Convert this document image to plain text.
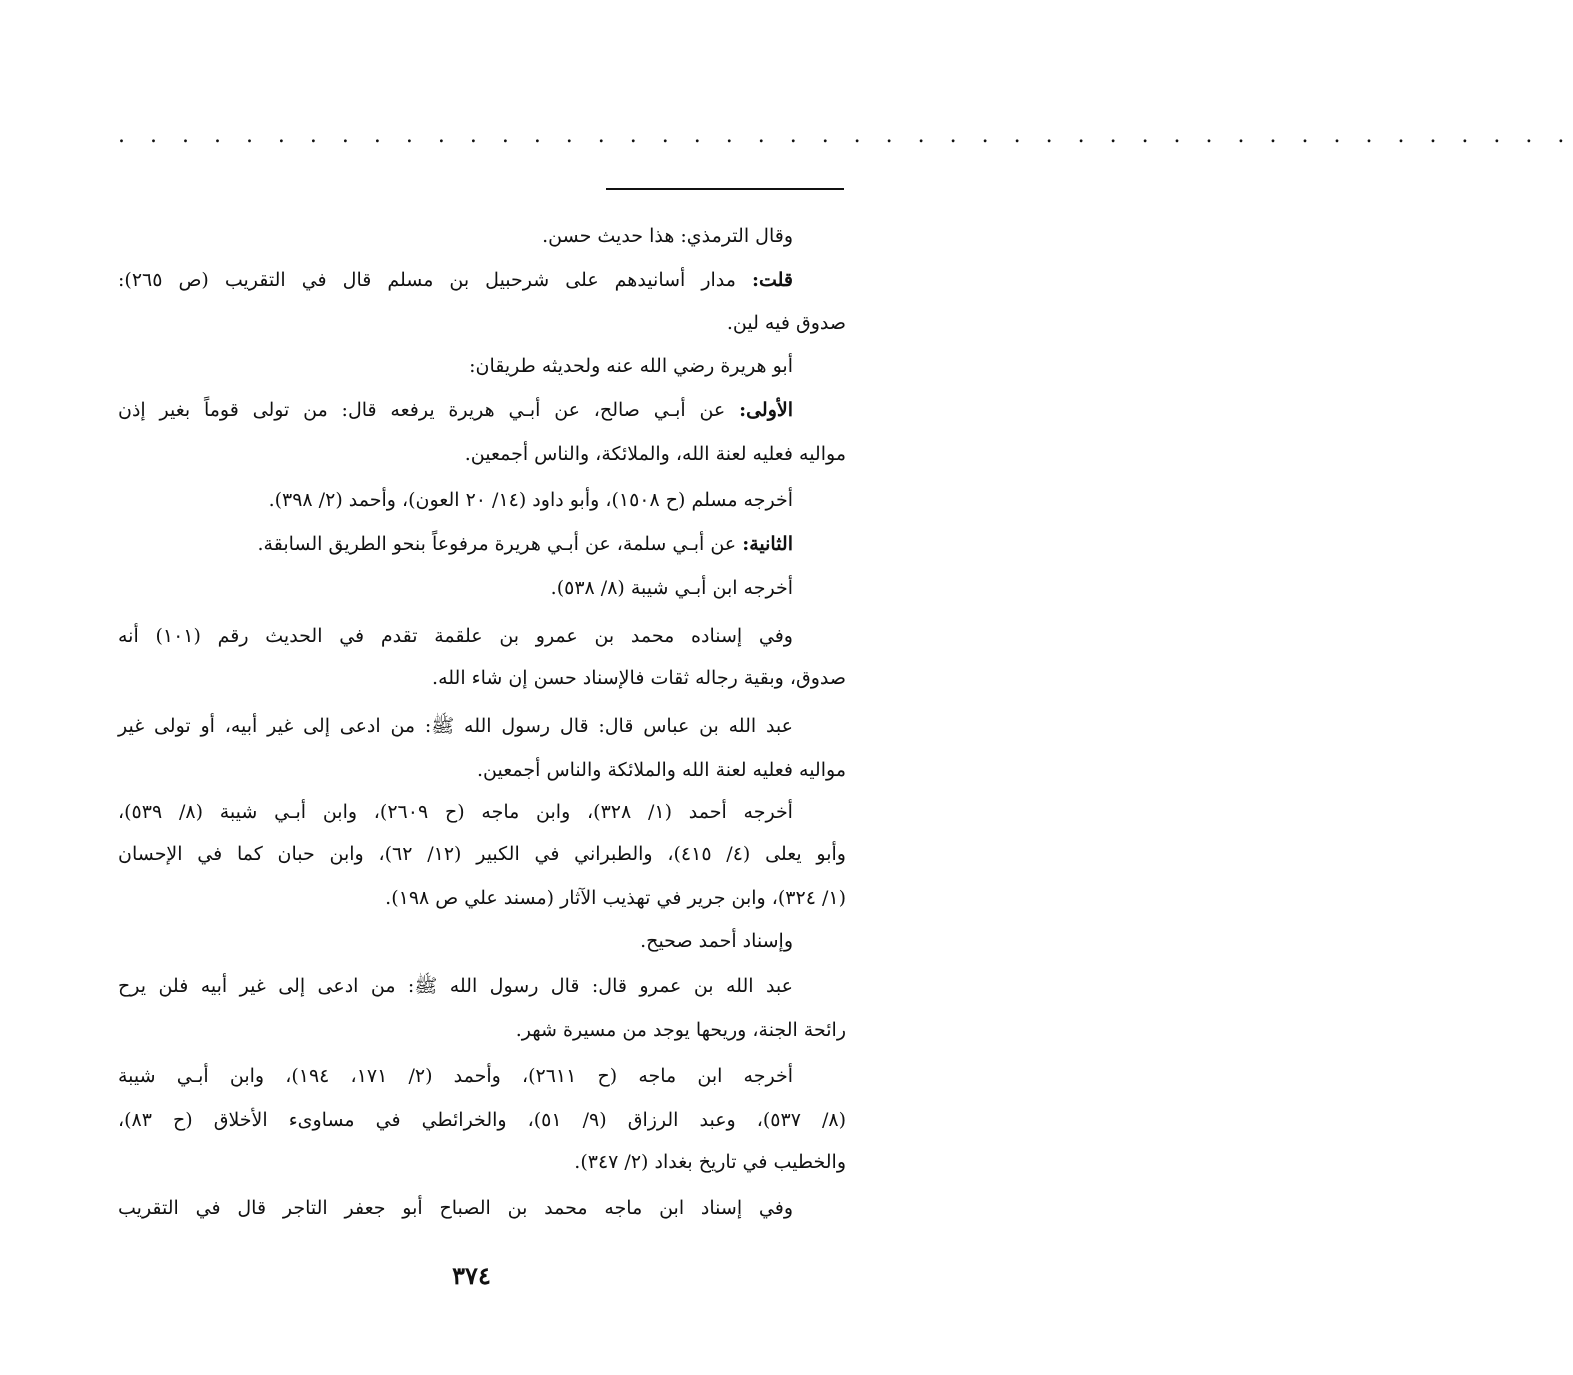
. . . . . . . . . . . . . . . . . . . . . . . . . . . . . . . . . . . . . . . . . . . . . .
وقال الترمذي: هذا حديث حسن.
قلت: مدار أسانيدهم على شرحبيل بن مسلم قال في التقريب (ص ٢٦٥):
صدوق فيه لين.
أبو هريرة رضي الله عنه ولحديثه طريقان:
الأولى: عن أبـي صالح، عن أبـي هريرة يرفعه قال: من تولى قوماً بغير إذن
مواليه فعليه لعنة الله، والملائكة، والناس أجمعين.
أخرجه مسلم (ح ١٥٠٨)، وأبو داود (١٤/ ٢٠ العون)، وأحمد (٢/ ٣٩٨).
الثانية: عن أبـي سلمة، عن أبـي هريرة مرفوعاً بنحو الطريق السابقة.
أخرجه ابن أبـي شيبة (٨/ ٥٣٨).
وفي إسناده محمد بن عمرو بن علقمة تقدم في الحديث رقم (١٠١) أنه
صدوق، وبقية رجاله ثقات فالإسناد حسن إن شاء الله.
عبد الله بن عباس قال: قال رسول الله ﷺ: من ادعى إلى غير أبيه، أو تولى غير
مواليه فعليه لعنة الله والملائكة والناس أجمعين.
أخرجه أحمد (١/ ٣٢٨)، وابن ماجه (ح ٢٦٠٩)، وابن أبـي شيبة (٨/ ٥٣٩)،
وأبو يعلى (٤/ ٤١٥)، والطبراني في الكبير (١٢/ ٦٢)، وابن حبان كما في الإحسان
(١/ ٣٢٤)، وابن جرير في تهذيب الآثار (مسند علي ص ١٩٨).
وإسناد أحمد صحيح.
عبد الله بن عمرو قال: قال رسول الله ﷺ: من ادعى إلى غير أبيه فلن يرح
رائحة الجنة، وريحها يوجد من مسيرة شهر.
أخرجه ابن ماجه (ح ٢٦١١)، وأحمد (٢/ ١٧١، ١٩٤)، وابن أبـي شيبة
(٨/ ٥٣٧)، وعبد الرزاق (٩/ ٥١)، والخرائطي في مساوىء الأخلاق (ح ٨٣)،
والخطيب في تاريخ بغداد (٢/ ٣٤٧).
وفي إسناد ابن ماجه محمد بن الصباح أبو جعفر التاجر قال في التقريب
٣٧٤
